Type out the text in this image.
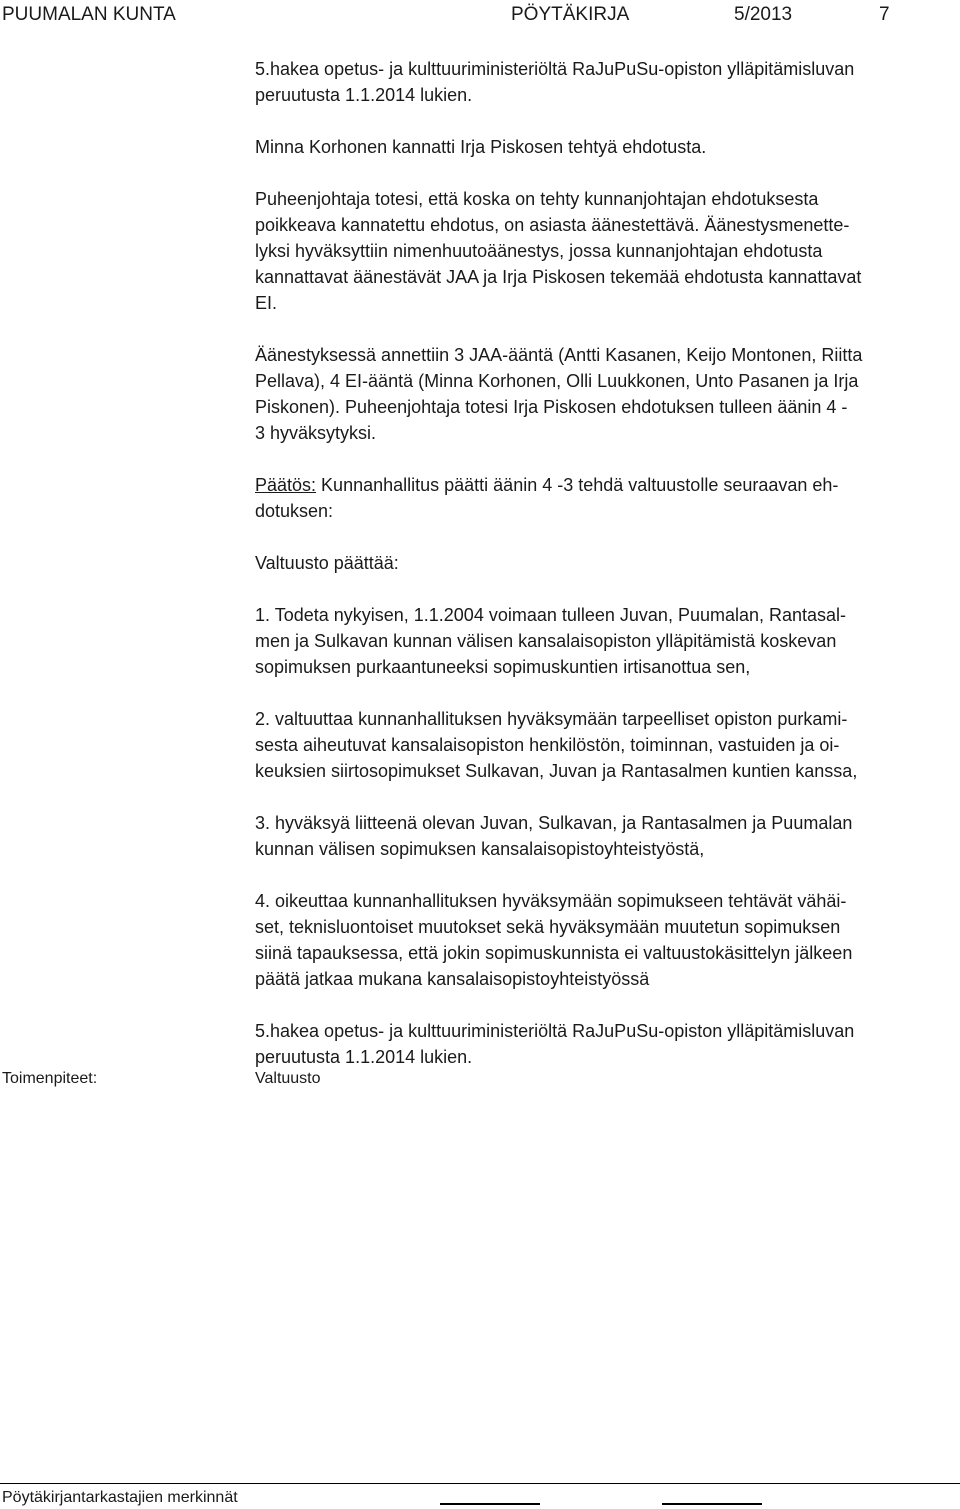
PUUMALAN KUNTA	PÖYTÄKIRJA	5/2013	7

5.hakea opetus- ja kulttuuriministeriöltä RaJuPuSu-opiston ylläpitämisluvan

peruutusta 1.1.2014 lukien.

Minna Korhonen kannatti Irja Piskosen tehtyä ehdotusta.

Puheenjohtaja totesi, että koska on tehty kunnanjohtajan ehdotuksesta

poikkeava kannatettu ehdotus, on asiasta äänestettävä. Äänestysmenette-

lyksi hyväksyttiin nimenhuutoäänestys, jossa kunnanjohtajan ehdotusta

kannattavat äänestävät JAA ja Irja Piskosen tekemää ehdotusta kannattavat

EI.

Äänestyksessä annettiin 3 JAA-ääntä (Antti Kasanen, Keijo Montonen, Riitta

Pellava), 4 EI-ääntä (Minna Korhonen, Olli Luukkonen, Unto Pasanen ja Irja

Piskonen). Puheenjohtaja totesi Irja Piskosen ehdotuksen tulleen äänin 4 -

3 hyväksytyksi.

Päätös: Kunnanhallitus päätti äänin 4 -3 tehdä valtuustolle seuraavan eh-

dotuksen:

Valtuusto päättää:

1. Todeta nykyisen, 1.1.2004 voimaan tulleen Juvan, Puumalan, Rantasal-

men ja Sulkavan kunnan välisen kansalaisopiston ylläpitämistä koskevan

sopimuksen purkaantuneeksi sopimuskuntien irtisanottua sen,

2. valtuuttaa kunnanhallituksen hyväksymään tarpeelliset opiston purkami-

sesta aiheutuvat kansalaisopiston henkilöstön, toiminnan, vastuiden ja oi-

keuksien siirtosopimukset Sulkavan, Juvan ja Rantasalmen kuntien kanssa,

3. hyväksyä liitteenä olevan Juvan, Sulkavan, ja Rantasalmen ja Puumalan

kunnan välisen sopimuksen kansalaisopistoyhteistyöstä,

4. oikeuttaa kunnanhallituksen hyväksymään sopimukseen tehtävät vähäi-

set, teknisluontoiset muutokset sekä hyväksymään muutetun sopimuksen

siinä tapauksessa, että jokin sopimuskunnista ei valtuustokäsittelyn jälkeen

päätä jatkaa mukana kansalaisopistoyhteistyössä

5.hakea opetus- ja kulttuuriministeriöltä RaJuPuSu-opiston ylläpitämisluvan

peruutusta 1.1.2014 lukien.

Toimenpiteet:	Valtuusto
Pöytäkirjantarkastajien merkinnät
